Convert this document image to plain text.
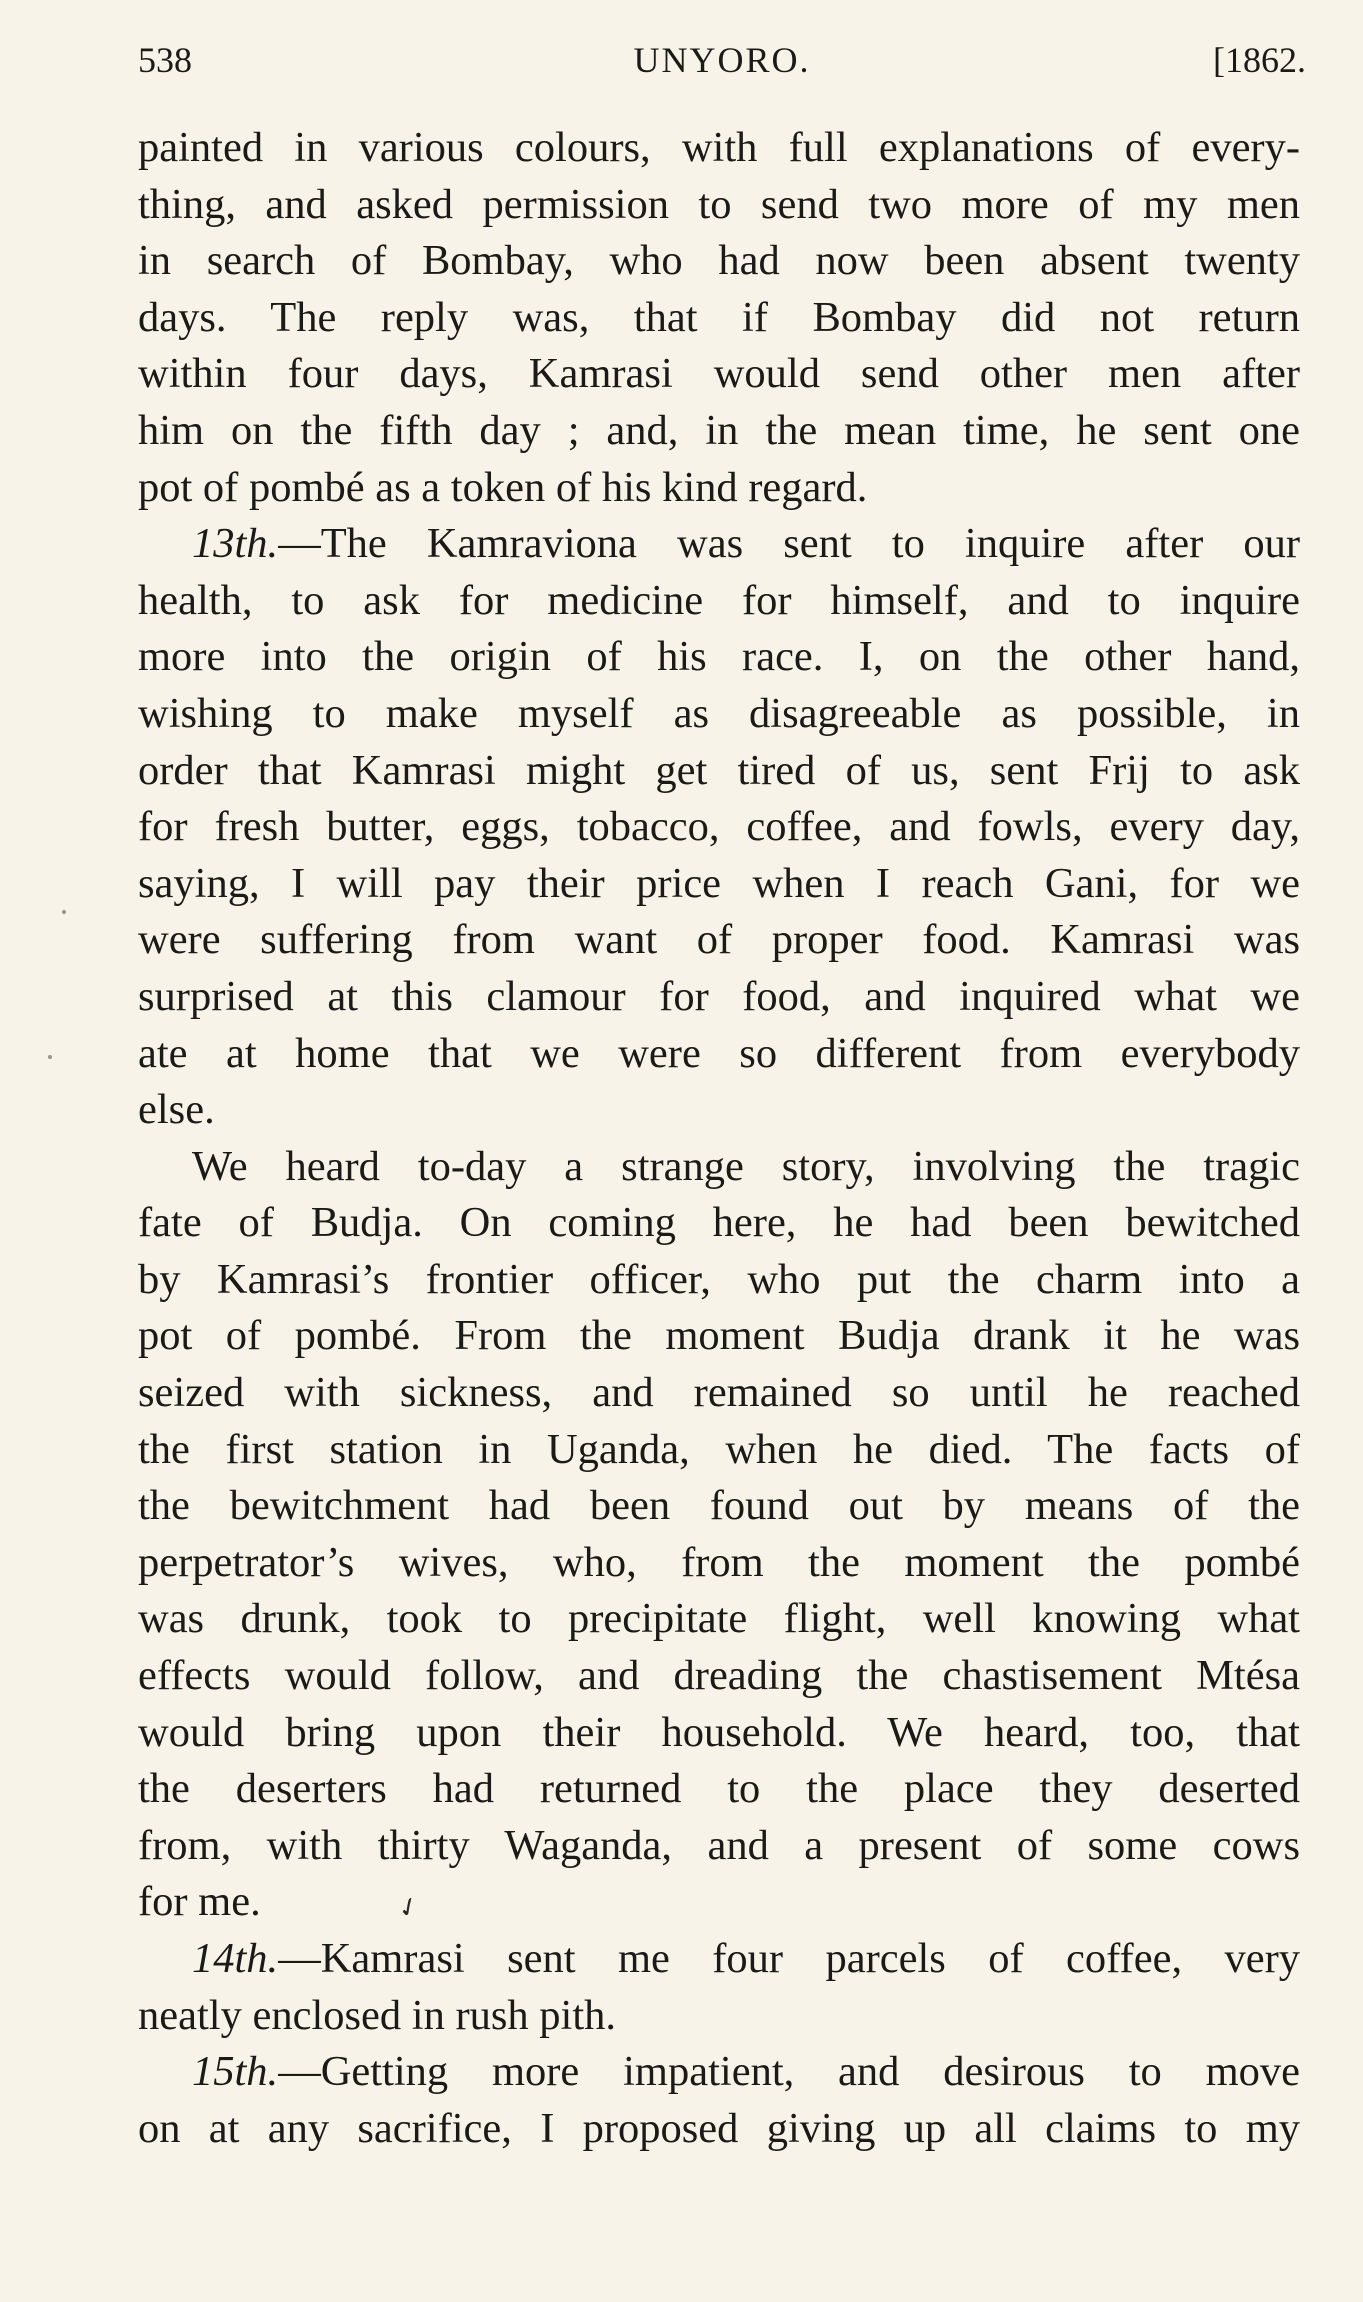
538	UNYORO.	[1862.
painted in various colours, with full explanations of every-
thing, and asked permission to send two more of my men
in search of Bombay, who had now been absent twenty
days. The reply was, that if Bombay did not return
within four days, Kamrasi would send other men after
him on the fifth day ; and, in the mean time, he sent one
pot of pombé as a token of his kind regard.
13th.—The Kamraviona was sent to inquire after our
health, to ask for medicine for himself, and to inquire
more into the origin of his race. I, on the other hand,
wishing to make myself as disagreeable as possible, in
order that Kamrasi might get tired of us, sent Frij to ask
for fresh butter, eggs, tobacco, coffee, and fowls, every day,
saying, I will pay their price when I reach Gani, for we
were suffering from want of proper food. Kamrasi was
surprised at this clamour for food, and inquired what we
ate at home that we were so different from everybody
else.
We heard to-day a strange story, involving the tragic
fate of Budja. On coming here, he had been bewitched
by Kamrasi’s frontier officer, who put the charm into a
pot of pombé. From the moment Budja drank it he was
seized with sickness, and remained so until he reached
the first station in Uganda, when he died. The facts of
the bewitchment had been found out by means of the
perpetrator’s wives, who, from the moment the pombé
was drunk, took to precipitate flight, well knowing what
effects would follow, and dreading the chastisement Mtésa
would bring upon their household. We heard, too, that
the deserters had returned to the place they deserted
from, with thirty Waganda, and a present of some cows
for me.
14th.—Kamrasi sent me four parcels of coffee, very
neatly enclosed in rush pith.
15th.—Getting more impatient, and desirous to move
on at any sacrifice, I proposed giving up all claims to my
✓
